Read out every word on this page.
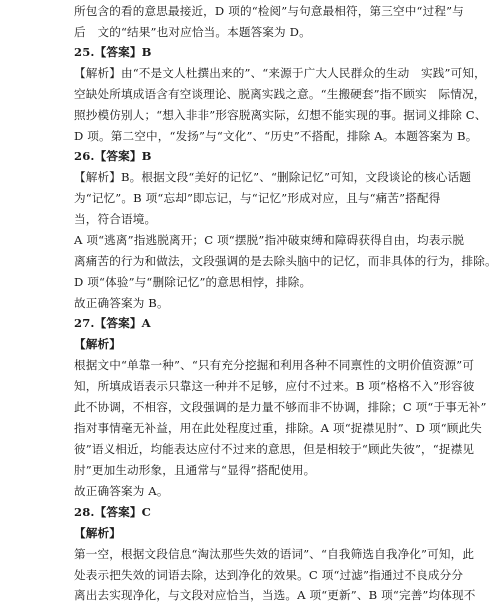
所包含的看的意思最接近，D 项的“检阅”与句意最相符，第三空中“过程”与
后　文的“结果”也对应恰当。本题答案为 D。
25.【答案】B
【解析】由“不是文人杜撰出来的”、“来源于广大人民群众的生动　实践”可知，
空缺处所填成语含有空谈理论、脱离实践之意。“生搬硬套”指不顾实　际情况，
照抄模仿别人；“想入非非”形容脱离实际，幻想不能实现的事。据词义排除 C、
D 项。第二空中，“发扬”与“文化”、“历史”不搭配，排除 A。本题答案为 B。
26.【答案】B
【解析】B。根据文段“美好的记忆”、“删除记忆”可知，文段谈论的核心话题
为“记忆”。B 项“忘却”即忘记，与“记忆”形成对应，且与“痛苦”搭配得
当，符合语境。
A 项“逃离”指逃脱离开；C 项“摆脱”指冲破束缚和障碍获得自由，均表示脱
离痛苦的行为和做法，文段强调的是去除头脑中的记忆，而非具体的行为，排除。
D 项“体验”与“删除记忆”的意思相悖，排除。
故正确答案为 B。
27.【答案】A
【解析】
根据文中“单靠一种”、“只有充分挖掘和利用各种不同禀性的文明价值资源”可
知，所填成语表示只靠这一种并不足够，应付不过来。B 项“格格不入”形容彼
此不协调，不相容，文段强调的是力量不够而非不协调，排除；C 项“于事无补”
指对事情毫无补益，用在此处程度过重，排除。A 项“捉襟见肘”、D 项“顾此失
彼”语义相近，均能表达应付不过来的意思，但是相较于“顾此失彼”，“捉襟见
肘”更加生动形象，且通常与“显得”搭配使用。
故正确答案为 A。
28.【答案】C
【解析】
第一空，根据文段信息“淘汰那些失效的语词”、“自我筛选自我净化”可知，此
处表示把失效的词语去除，达到净化的效果。C 项“过滤”指通过不良成分分
离出去实现净化，与文段对应恰当，当选。A 项“更新”、B 项“完善”均体现不
